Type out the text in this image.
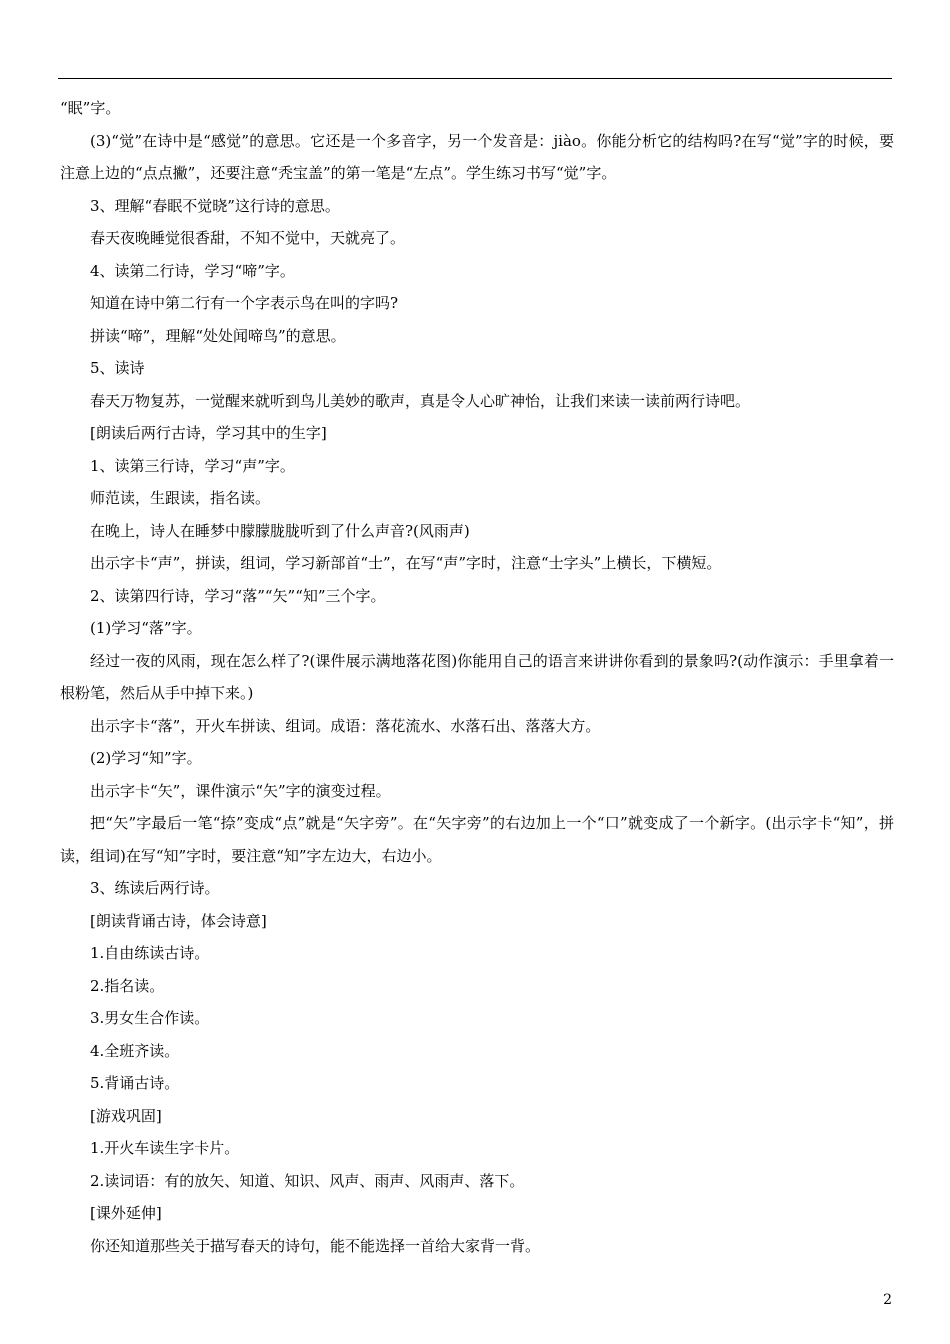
“眠”字。

(3)“觉”在诗中是“感觉”的意思。它还是一个多音字，另一个发音是：jiào。你能分析它的结构吗?在写“觉”字的时候，要注意上边的“点点撇”，还要注意“秃宝盖”的第一笔是“左点”。学生练习书写“觉”字。

3、理解“春眠不觉晓”这行诗的意思。

春天夜晚睡觉很香甜，不知不觉中，天就亮了。

4、读第二行诗，学习“啼”字。

知道在诗中第二行有一个字表示鸟在叫的字吗?

拼读“啼”，理解“处处闻啼鸟”的意思。

5、读诗

春天万物复苏，一觉醒来就听到鸟儿美妙的歌声，真是令人心旷神怡，让我们来读一读前两行诗吧。

[朗读后两行古诗，学习其中的生字]

1、读第三行诗，学习“声”字。

师范读，生跟读，指名读。

在晚上，诗人在睡梦中朦朦胧胧听到了什么声音?(风雨声)

出示字卡“声”，拼读，组词，学习新部首“士”，在写“声”字时，注意“士字头”上横长，下横短。

2、读第四行诗，学习“落”“矢”“知”三个字。

(1)学习“落”字。

经过一夜的风雨，现在怎么样了?(课件展示满地落花图)你能用自己的语言来讲讲你看到的景象吗?(动作演示：手里拿着一根粉笔，然后从手中掉下来。)

出示字卡“落”，开火车拼读、组词。成语：落花流水、水落石出、落落大方。

(2)学习“知”字。

出示字卡“矢”，课件演示“矢”字的演变过程。

把“矢”字最后一笔“捺”变成“点”就是“矢字旁”。在“矢字旁”的右边加上一个“口”就变成了一个新字。(出示字卡“知”，拼读，组词)在写“知”字时，要注意“知”字左边大，右边小。

3、练读后两行诗。

[朗读背诵古诗，体会诗意]

1.自由练读古诗。

2.指名读。

3.男女生合作读。

4.全班齐读。

5.背诵古诗。

[游戏巩固]

1.开火车读生字卡片。

2.读词语：有的放矢、知道、知识、风声、雨声、风雨声、落下。

[课外延伸]

你还知道那些关于描写春天的诗句，能不能选择一首给大家背一背。

2
